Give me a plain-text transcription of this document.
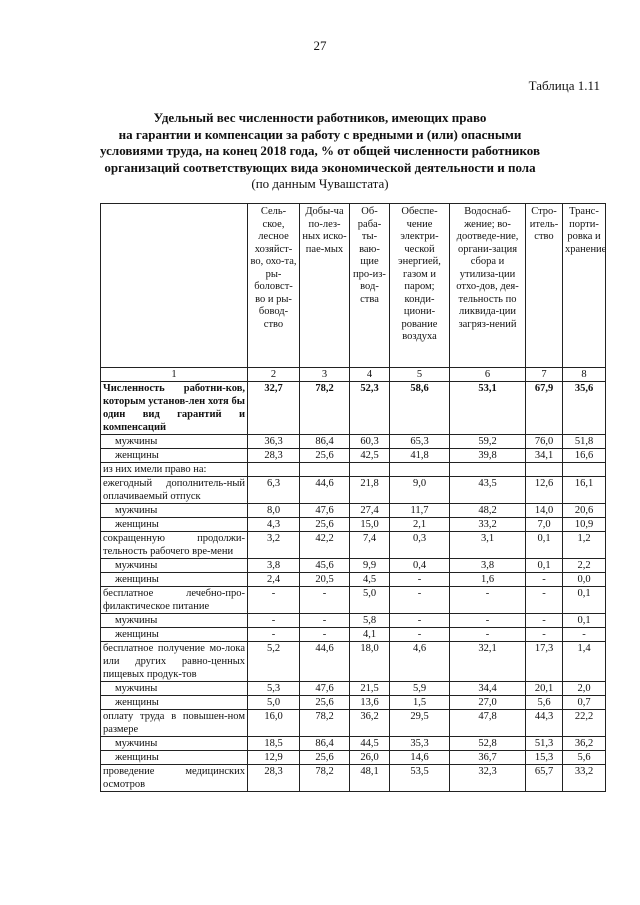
27
Таблица 1.11
Удельный вес численности работников, имеющих право
на гарантии и компенсации за работу с вредными и (или) опасными
условиями труда, на конец 2018 года, % от общей численности работников
организаций соответствующих вида экономической деятельности и пола
(по данным Чувашстата)
	Сель-ское, лесное хозяйст-во, охо-та, ры-боловст-во и ры-бовод-ство	Добы-ча по-лез-ных иско-пае-мых	Об-раба-ты-ваю-щие про-из-вод-ства	Обеспе-чение электри-ческой энергией, газом и паром; конди-циони-рование воздуха	Водоснаб-жение; во-доотведе-ние, органи-зация сбора и утилиза-ции отхо-дов, дея-тельность по ликвида-ции загряз-нений	Стро-итель-ство	Транс-порти-ровка и хранение
1	2	3	4	5	6	7	8
Численность работни-ков, которым установ-лен хотя бы один вид гарантий и компенсаций	32,7	78,2	52,3	58,6	53,1	67,9	35,6
мужчины	36,3	86,4	60,3	65,3	59,2	76,0	51,8
женщины	28,3	25,6	42,5	41,8	39,8	34,1	16,6
из них имели право на:							
ежегодный дополнитель-ный оплачиваемый отпуск	6,3	44,6	21,8	9,0	43,5	12,6	16,1
мужчины	8,0	47,6	27,4	11,7	48,2	14,0	20,6
женщины	4,3	25,6	15,0	2,1	33,2	7,0	10,9
сокращенную продолжи-тельность рабочего вре-мени	3,2	42,2	7,4	0,3	3,1	0,1	1,2
мужчины	3,8	45,6	9,9	0,4	3,8	0,1	2,2
женщины	2,4	20,5	4,5	-	1,6	-	0,0
бесплатное лечебно-про-филактическое питание	-	-	5,0	-	-	-	0,1
мужчины	-	-	5,8	-	-	-	0,1
женщины	-	-	4,1	-	-	-	-
бесплатное получение мо-лока или других равно-ценных пищевых продук-тов	5,2	44,6	18,0	4,6	32,1	17,3	1,4
мужчины	5,3	47,6	21,5	5,9	34,4	20,1	2,0
женщины	5,0	25,6	13,6	1,5	27,0	5,6	0,7
оплату труда в повышен-ном размере	16,0	78,2	36,2	29,5	47,8	44,3	22,2
мужчины	18,5	86,4	44,5	35,3	52,8	51,3	36,2
женщины	12,9	25,6	26,0	14,6	36,7	15,3	5,6
проведение медицинских осмотров	28,3	78,2	48,1	53,5	32,3	65,7	33,2
